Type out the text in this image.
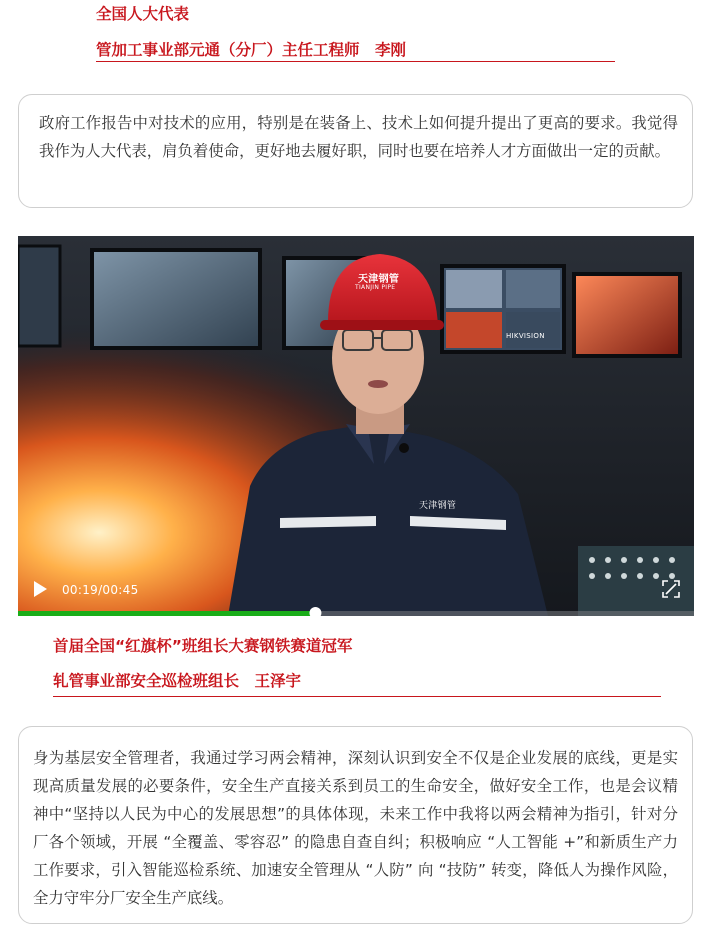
全国人大代表

管加工事业部元通（分厂）主任工程师　李刚

政府工作报告中对技术的应用，特别是在装备上、技术上如何提升提出了更高的要求。我觉得我作为人大代表，肩负着使命，更好地去履好职，同时也要在培养人才方面做出一定的贡献。

天津钢管
TIANJIN PIPE
天津钢管
HIKVISION
00:19/00:45

首届全国“红旗杯”班组长大赛钢铁赛道冠军

轧管事业部安全巡检班组长　王泽宇

身为基层安全管理者，我通过学习两会精神，深刻认识到安全不仅是企业发展的底线，更是实现高质量发展的必要条件，安全生产直接关系到员工的生命安全，做好安全工作，也是会议精神中“坚持以人民为中心的发展思想”的具体体现，未来工作中我将以两会精神为指引，针对分厂各个领域，开展 “全覆盖、零容忍” 的隐患自查自纠；积极响应 “人工智能 +”和新质生产力工作要求，引入智能巡检系统、加速安全管理从 “人防” 向 “技防” 转变，降低人为操作风险，全力守牢分厂安全生产底线。
